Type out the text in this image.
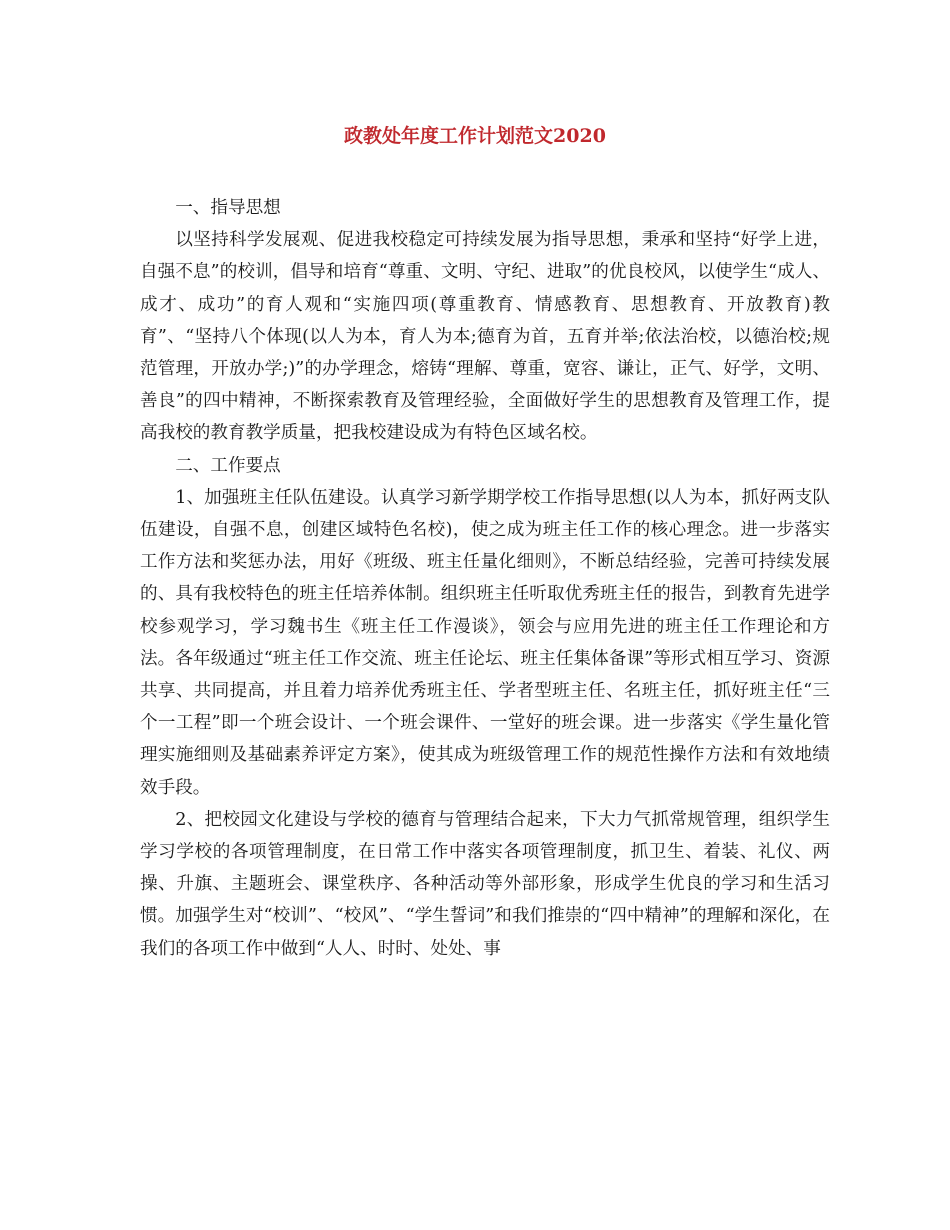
政教处年度工作计划范文2020

一、指导思想

以坚持科学发展观、促进我校稳定可持续发展为指导思想，秉承和坚持“好学上进，自强不息”的校训，倡导和培育“尊重、文明、守纪、进取”的优良校风，以使学生“成人、成才、成功”的育人观和“实施四项(尊重教育、情感教育、思想教育、开放教育)教育”、“坚持八个体现(以人为本，育人为本;德育为首，五育并举;依法治校，以德治校;规范管理，开放办学;)”的办学理念，熔铸“理解、尊重，宽容、谦让，正气、好学，文明、善良”的四中精神，不断探索教育及管理经验，全面做好学生的思想教育及管理工作，提高我校的教育教学质量，把我校建设成为有特色区域名校。

二、工作要点

1、加强班主任队伍建设。认真学习新学期学校工作指导思想(以人为本，抓好两支队伍建设，自强不息，创建区域特色名校)，使之成为班主任工作的核心理念。进一步落实工作方法和奖惩办法，用好《班级、班主任量化细则》，不断总结经验，完善可持续发展的、具有我校特色的班主任培养体制。组织班主任听取优秀班主任的报告，到教育先进学校参观学习，学习魏书生《班主任工作漫谈》，领会与应用先进的班主任工作理论和方法。各年级通过“班主任工作交流、班主任论坛、班主任集体备课”等形式相互学习、资源共享、共同提高，并且着力培养优秀班主任、学者型班主任、名班主任，抓好班主任“三个一工程”即一个班会设计、一个班会课件、一堂好的班会课。进一步落实《学生量化管理实施细则及基础素养评定方案》，使其成为班级管理工作的规范性操作方法和有效地绩效手段。

2、把校园文化建设与学校的德育与管理结合起来，下大力气抓常规管理，组织学生学习学校的各项管理制度，在日常工作中落实各项管理制度，抓卫生、着装、礼仪、两操、升旗、主题班会、课堂秩序、各种活动等外部形象，形成学生优良的学习和生活习惯。加强学生对“校训”、“校风”、“学生誓词”和我们推崇的“四中精神”的理解和深化，在我们的各项工作中做到“人人、时时、处处、事
